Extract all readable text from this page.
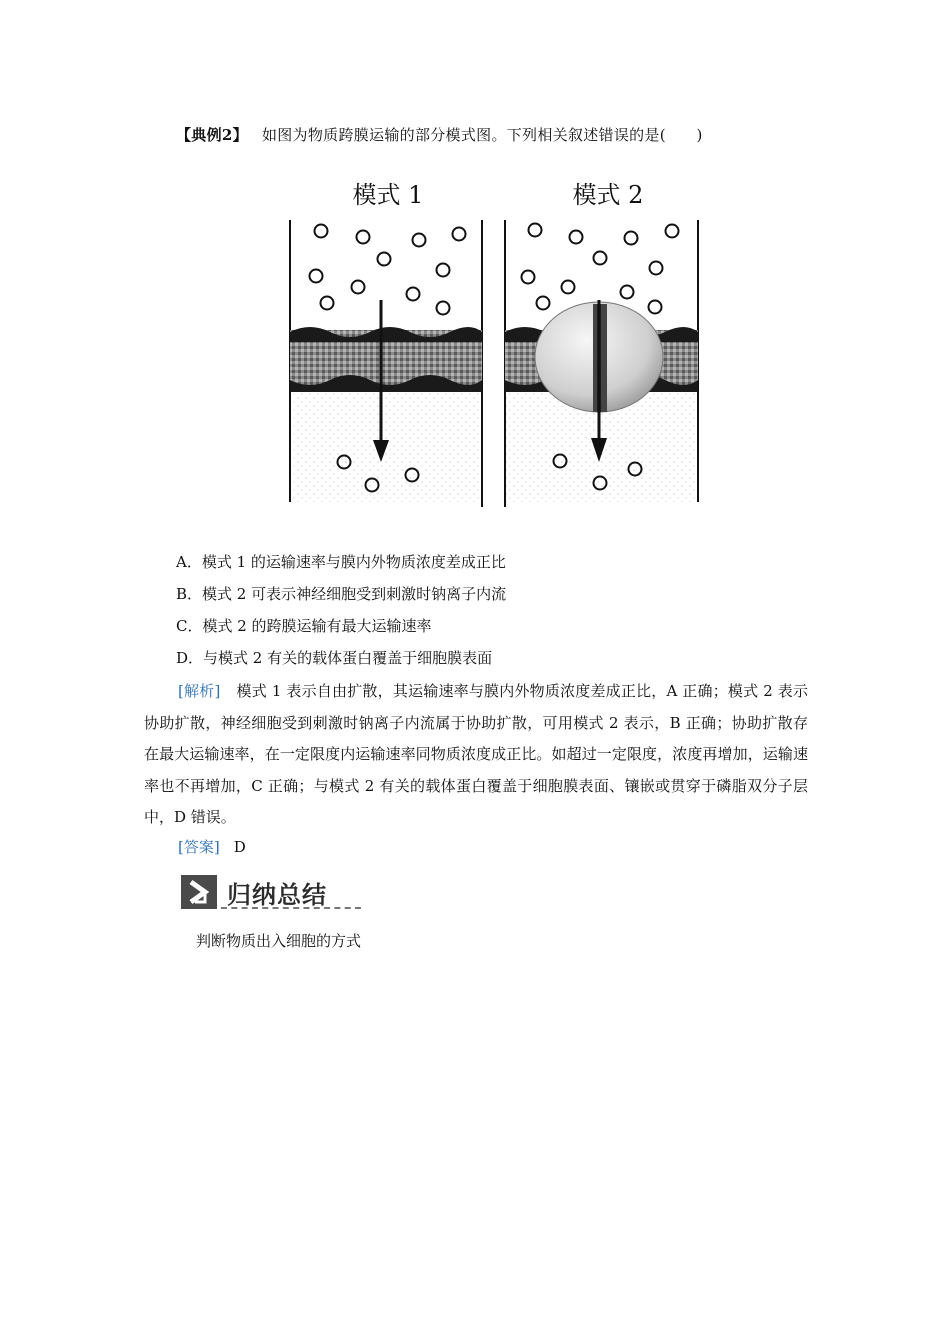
【典例2】 如图为物质跨膜运输的部分模式图。下列相关叙述错误的是(　　)
模式 1	模式 2
A．模式 1 的运输速率与膜内外物质浓度差成正比
B．模式 2 可表示神经细胞受到刺激时钠离子内流
C．模式 2 的跨膜运输有最大运输速率
D．与模式 2 有关的载体蛋白覆盖于细胞膜表面
[解析] 模式 1 表示自由扩散，其运输速率与膜内外物质浓度差成正比，A 正确；模式 2 表示协助扩散，神经细胞受到刺激时钠离子内流属于协助扩散，可用模式 2 表示，B 正确；协助扩散存在最大运输速率，在一定限度内运输速率同物质浓度成正比。如超过一定限度，浓度再增加，运输速率也不再增加，C 正确；与模式 2 有关的载体蛋白覆盖于细胞膜表面、镶嵌或贯穿于磷脂双分子层中，D 错误。
[答案] D
归纳总结
判断物质出入细胞的方式
